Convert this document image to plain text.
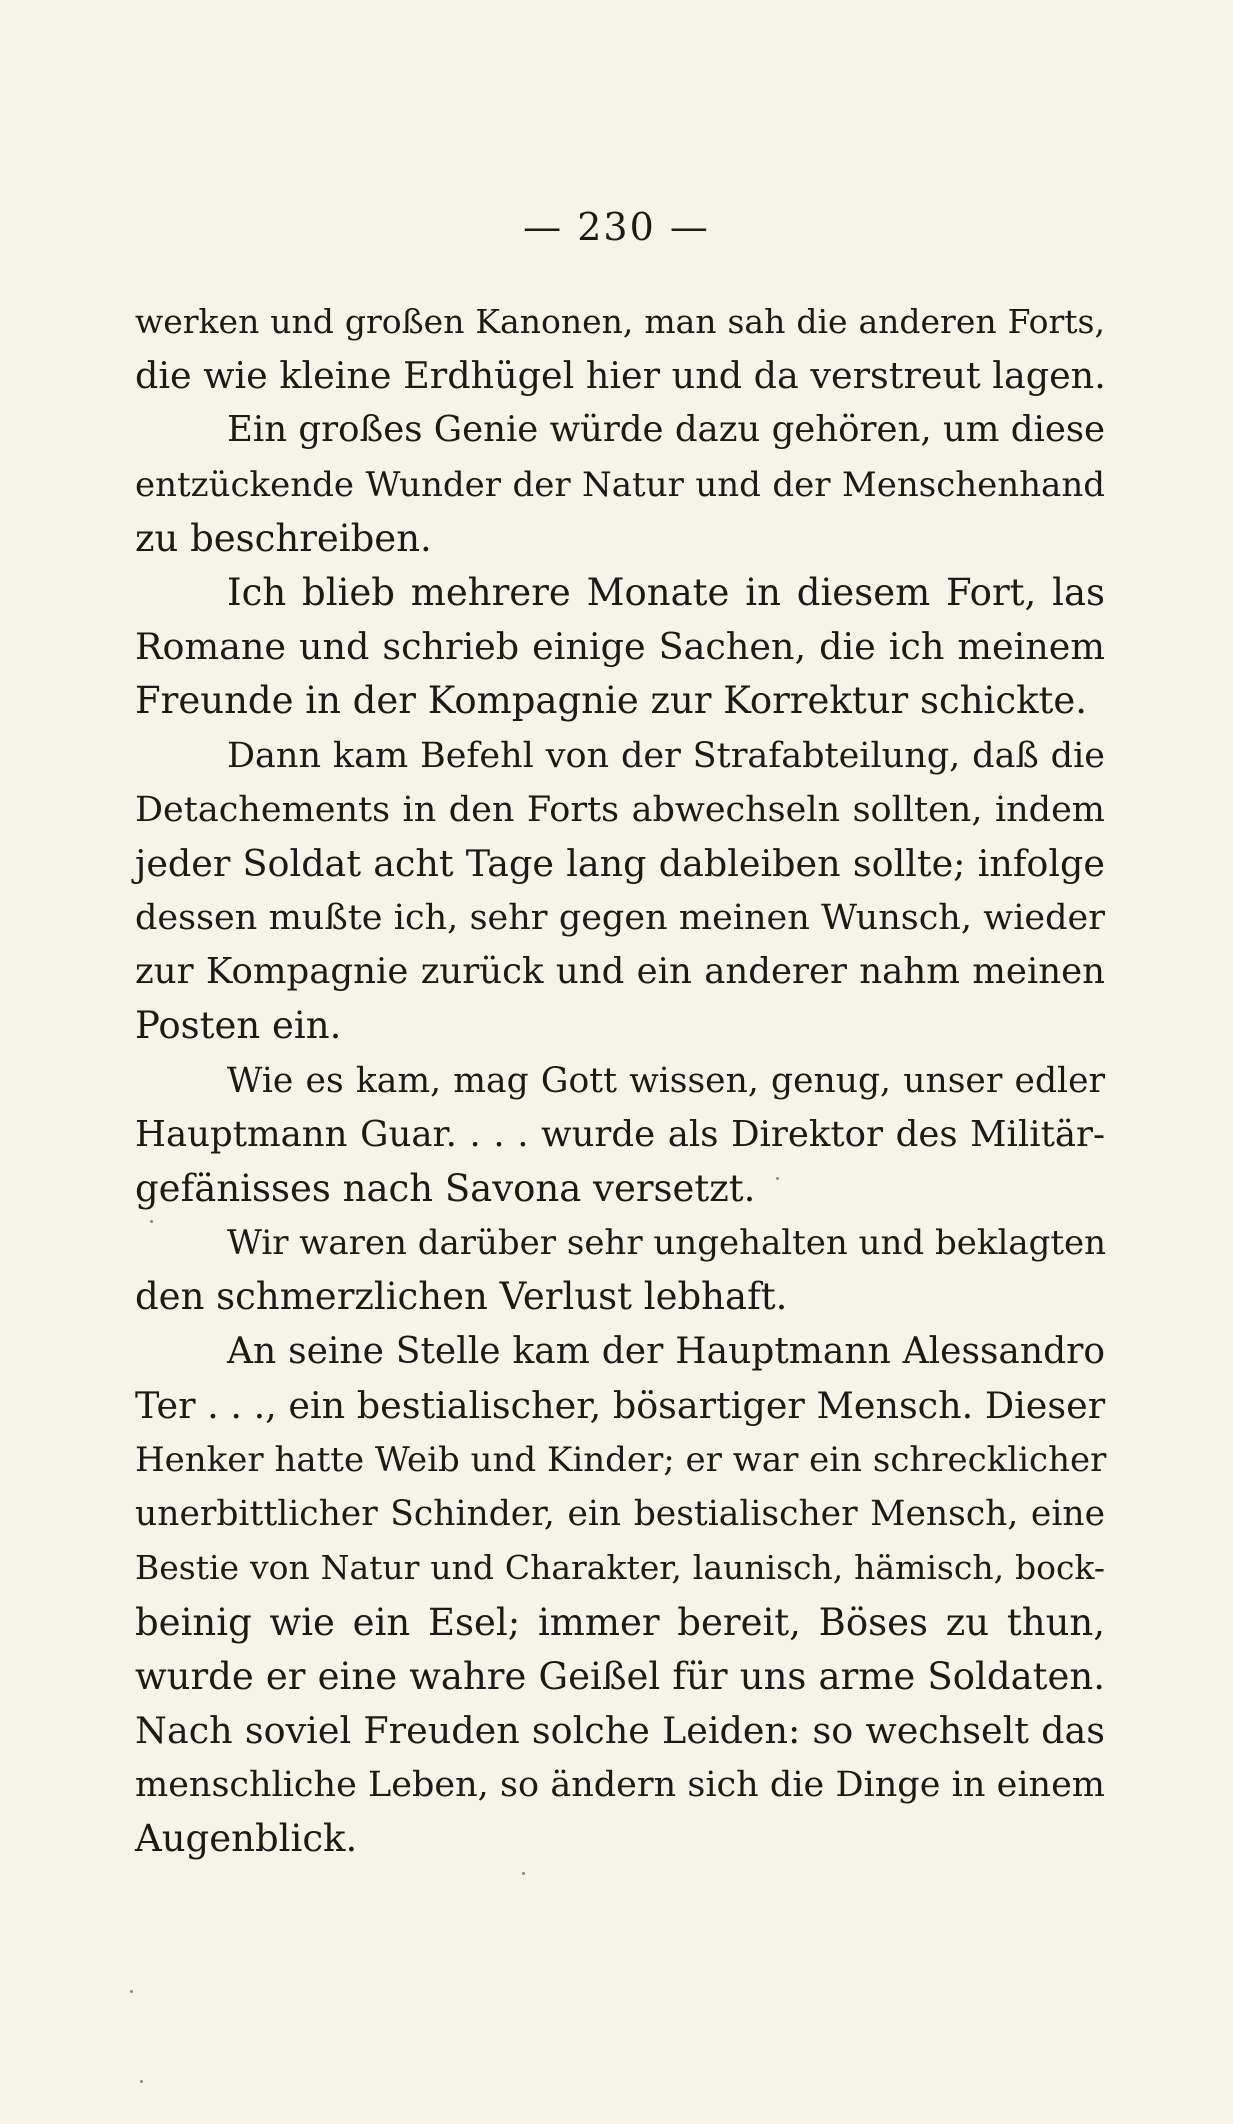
— 230 —
werken und großen Kanonen, man sah die anderen Forts,
die wie kleine Erdhügel hier und da verstreut lagen.
Ein großes Genie würde dazu gehören, um diese
entzückende Wunder der Natur und der Menschenhand
zu beschreiben.
Ich blieb mehrere Monate in diesem Fort, las
Romane und schrieb einige Sachen, die ich meinem
Freunde in der Kompagnie zur Korrektur schickte.
Dann kam Befehl von der Strafabteilung, daß die
Detachements in den Forts abwechseln sollten, indem
jeder Soldat acht Tage lang dableiben sollte; infolge
dessen mußte ich, sehr gegen meinen Wunsch, wieder
zur Kompagnie zurück und ein anderer nahm meinen
Posten ein.
Wie es kam, mag Gott wissen, genug, unser edler
Hauptmann Guar. . . . wurde als Direktor des Militär-
gefänisses nach Savona versetzt.
Wir waren darüber sehr ungehalten und beklagten
den schmerzlichen Verlust lebhaft.
An seine Stelle kam der Hauptmann Alessandro
Ter . . ., ein bestialischer, bösartiger Mensch. Dieser
Henker hatte Weib und Kinder; er war ein schrecklicher
unerbittlicher Schinder, ein bestialischer Mensch, eine
Bestie von Natur und Charakter, launisch, hämisch, bock-
beinig wie ein Esel; immer bereit, Böses zu thun,
wurde er eine wahre Geißel für uns arme Soldaten.
Nach soviel Freuden solche Leiden: so wechselt das
menschliche Leben, so ändern sich die Dinge in einem
Augenblick.
